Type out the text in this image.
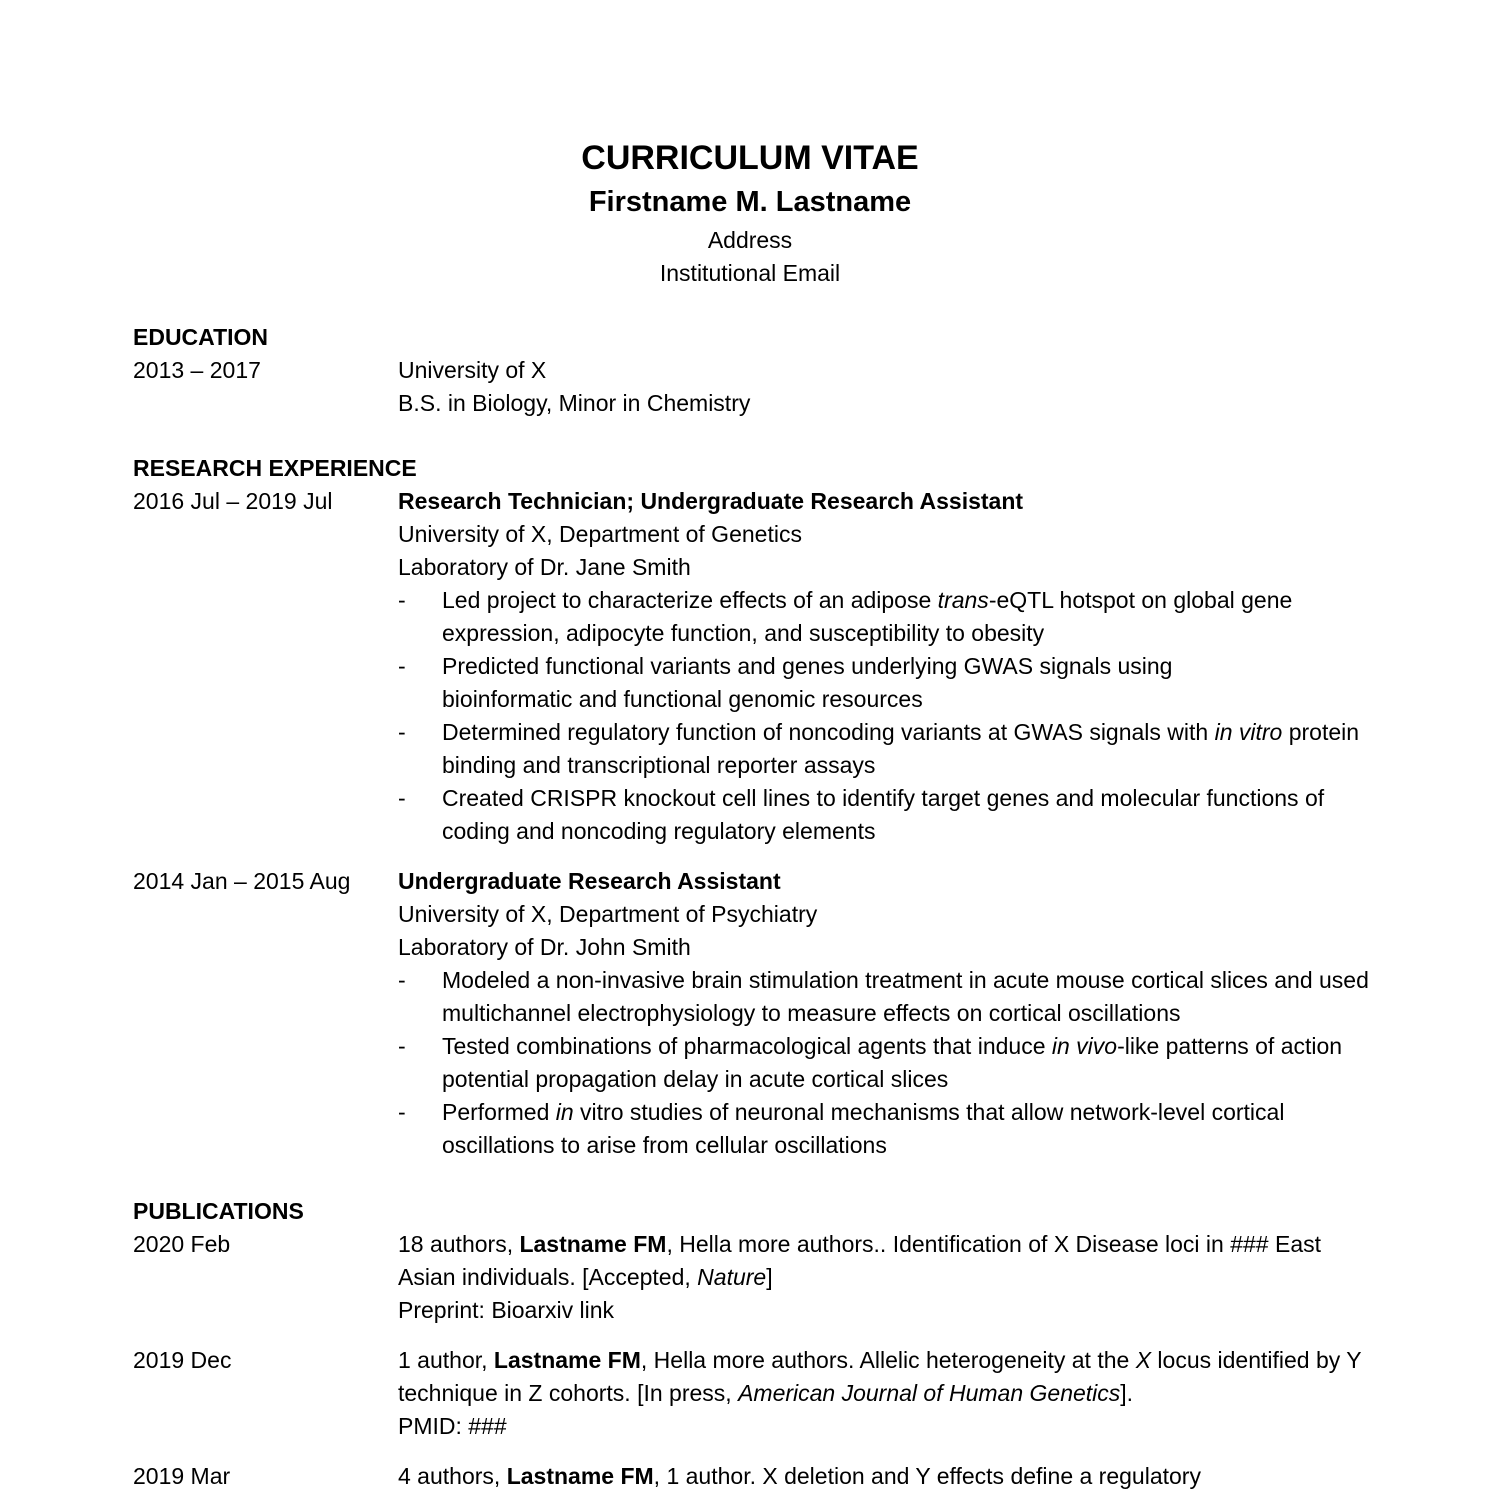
CURRICULUM VITAE
Firstname M. Lastname
Address
Institutional Email
EDUCATION
2013 – 2017	University of X
B.S. in Biology, Minor in Chemistry
RESEARCH EXPERIENCE
2016 Jul – 2019 Jul	Research Technician; Undergraduate Research Assistant
University of X, Department of Genetics
Laboratory of Dr. Jane Smith
- Led project to characterize effects of an adipose trans-eQTL hotspot on global gene expression, adipocyte function, and susceptibility to obesity
- Predicted functional variants and genes underlying GWAS signals using bioinformatic and functional genomic resources
- Determined regulatory function of noncoding variants at GWAS signals with in vitro protein binding and transcriptional reporter assays
- Created CRISPR knockout cell lines to identify target genes and molecular functions of coding and noncoding regulatory elements
2014 Jan – 2015 Aug	Undergraduate Research Assistant
University of X, Department of Psychiatry
Laboratory of Dr. John Smith
- Modeled a non-invasive brain stimulation treatment in acute mouse cortical slices and used multichannel electrophysiology to measure effects on cortical oscillations
- Tested combinations of pharmacological agents that induce in vivo-like patterns of action potential propagation delay in acute cortical slices
- Performed in vitro studies of neuronal mechanisms that allow network-level cortical oscillations to arise from cellular oscillations
PUBLICATIONS
2020 Feb	18 authors, Lastname FM, Hella more authors.. Identification of X Disease loci in ### East Asian individuals. [Accepted, Nature]
Preprint: Bioarxiv link
2019 Dec	1 author, Lastname FM, Hella more authors. Allelic heterogeneity at the X locus identified by Y technique in Z cohorts. [In press, American Journal of Human Genetics].
PMID: ###
2019 Mar	4 authors, Lastname FM, 1 author. X deletion and Y effects define a regulatory
